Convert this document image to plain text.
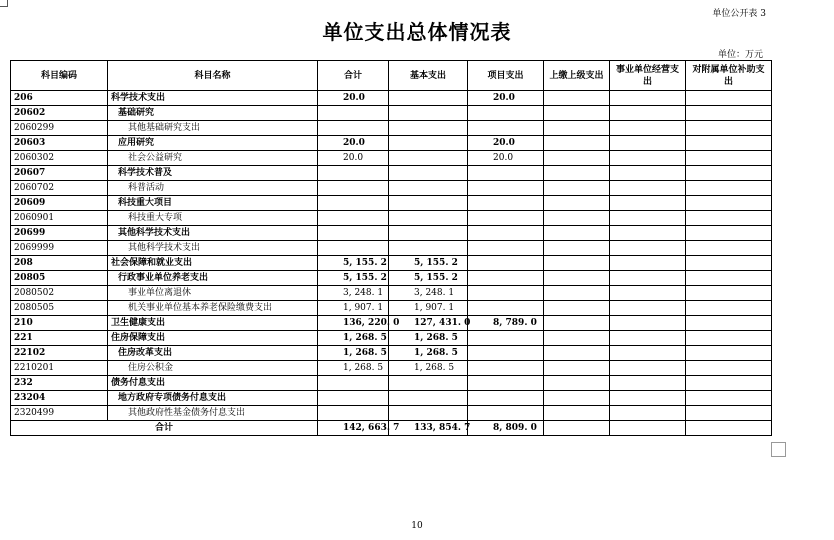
单位公开表 3
单位支出总体情况表
单位：万元
科目编码	科目名称	合计	基本支出	项目支出	上缴上级支出	事业单位经营支出	对附属单位补助支出
206	科学技术支出	20.0		20.0			
20602	基础研究						
2060299	其他基础研究支出						
20603	应用研究	20.0		20.0			
2060302	社会公益研究	20.0		20.0			
20607	科学技术普及						
2060702	科普活动						
20609	科技重大项目						
2060901	科技重大专项						
20699	其他科学技术支出						
2069999	其他科学技术支出						
208	社会保障和就业支出	5, 155. 2	5, 155. 2				
20805	行政事业单位养老支出	5, 155. 2	5, 155. 2				
2080502	事业单位离退休	3, 248. 1	3, 248. 1				
2080505	机关事业单位基本养老保险缴费支出	1, 907. 1	1, 907. 1				
210	卫生健康支出	136, 220. 0	127, 431. 0	8, 789. 0			
221	住房保障支出	1, 268. 5	1, 268. 5				
22102	住房改革支出	1, 268. 5	1, 268. 5				
2210201	住房公积金	1, 268. 5	1, 268. 5				
232	债务付息支出						
23204	地方政府专项债务付息支出						
2320499	其他政府性基金债务付息支出						
合计		142, 663. 7	133, 854. 7	8, 809. 0			
10
